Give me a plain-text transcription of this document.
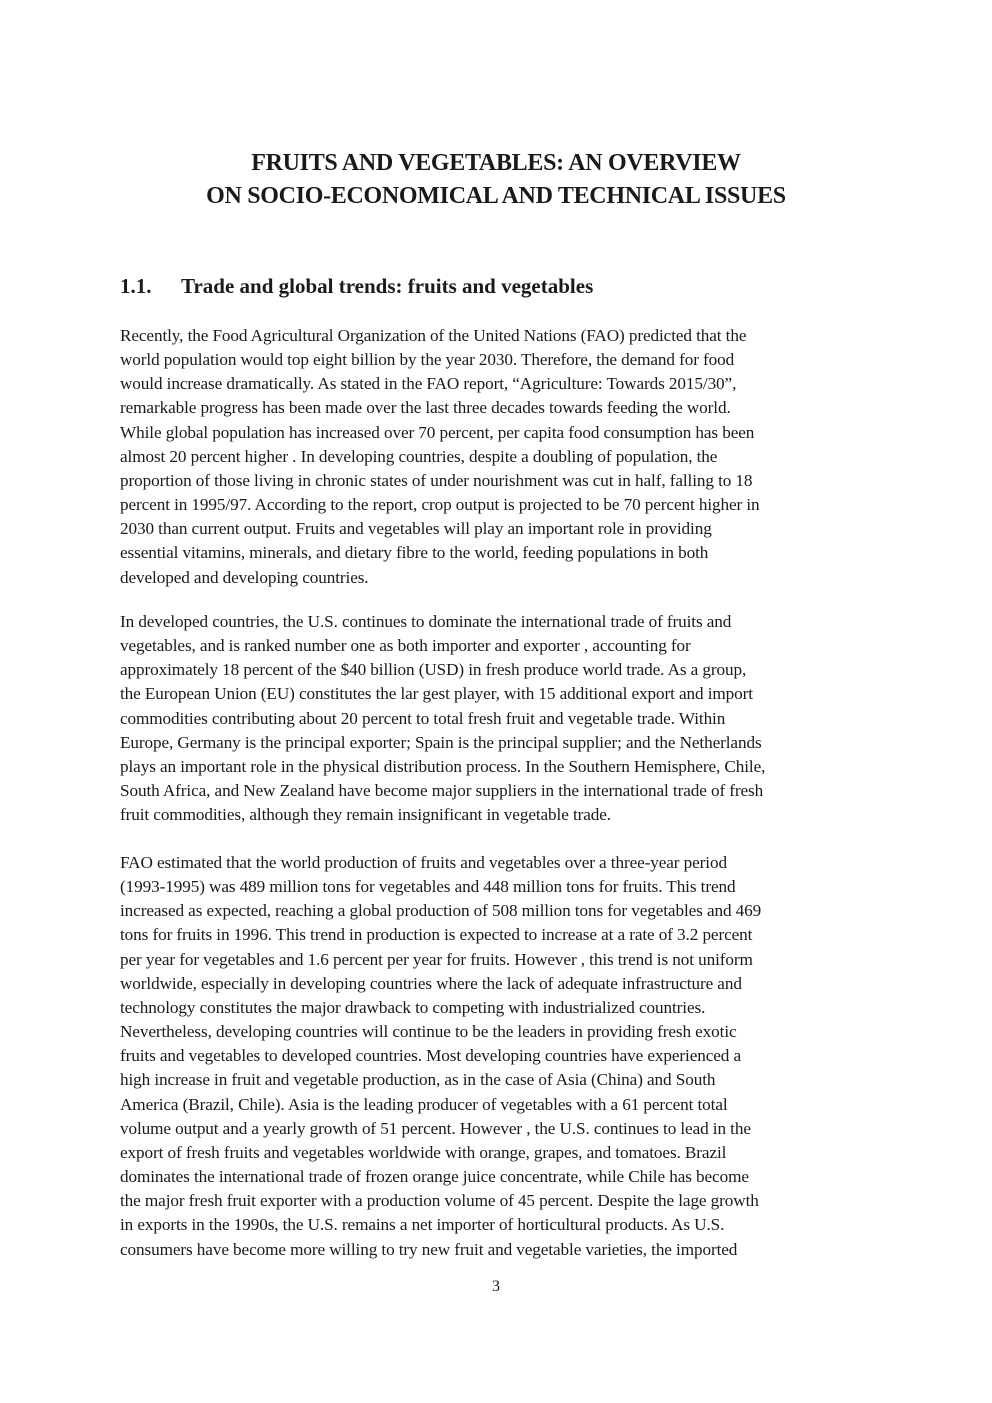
FRUITS AND VEGETABLES: AN OVERVIEW
ON SOCIO-ECONOMICAL AND TECHNICAL ISSUES
1.1. Trade and global trends: fruits and vegetables
Recently, the Food Agricultural Organization of the United Nations (FAO) predicted that the
world population would top eight billion by the year 2030. Therefore, the demand for food
would increase dramatically. As stated in the FAO report, “Agriculture: Towards 2015/30”,
remarkable progress has been made over the last three decades towards feeding the world.
While global population has increased over 70 percent, per capita food consumption has been
almost 20 percent higher . In developing countries, despite a doubling of population, the
proportion of those living in chronic states of under nourishment was cut in half, falling to 18
percent in 1995/97. According to the report, crop output is projected to be 70 percent higher in
2030 than current output. Fruits and vegetables will play an important role in providing
essential vitamins, minerals, and dietary fibre to the world, feeding populations in both
developed and developing countries.
In developed countries, the U.S. continues to dominate the international trade of fruits and
vegetables, and is ranked number one as both importer and exporter , accounting for
approximately 18 percent of the $40 billion (USD) in fresh produce world trade. As a group,
the European Union (EU) constitutes the lar gest player, with 15 additional export and import
commodities contributing about 20 percent to total fresh fruit and vegetable trade. Within
Europe, Germany is the principal exporter; Spain is the principal supplier; and the Netherlands
plays an important role in the physical distribution process. In the Southern Hemisphere, Chile,
South Africa, and New Zealand have become major suppliers in the international trade of fresh
fruit commodities, although they remain insignificant in vegetable trade.
FAO estimated that the world production of fruits and vegetables over a three-year period
(1993-1995) was 489 million tons for vegetables and 448 million tons for fruits. This trend
increased as expected, reaching a global production of 508 million tons for vegetables and 469
tons for fruits in 1996. This trend in production is expected to increase at a rate of 3.2 percent
per year for vegetables and 1.6 percent per year for fruits. However , this trend is not uniform
worldwide, especially in developing countries where the lack of adequate infrastructure and
technology constitutes the major drawback to competing with industrialized countries.
Nevertheless, developing countries will continue to be the leaders in providing fresh exotic
fruits and vegetables to developed countries. Most developing countries have experienced a
high increase in fruit and vegetable production, as in the case of Asia (China) and South
America (Brazil, Chile). Asia is the leading producer of vegetables with a 61 percent total
volume output and a yearly growth of 51 percent. However , the U.S. continues to lead in the
export of fresh fruits and vegetables worldwide with orange, grapes, and tomatoes. Brazil
dominates the international trade of frozen orange juice concentrate, while Chile has become
the major fresh fruit exporter with a production volume of 45 percent. Despite the lage growth
in exports in the 1990s, the U.S. remains a net importer of horticultural products. As U.S.
consumers have become more willing to try new fruit and vegetable varieties, the imported
3
